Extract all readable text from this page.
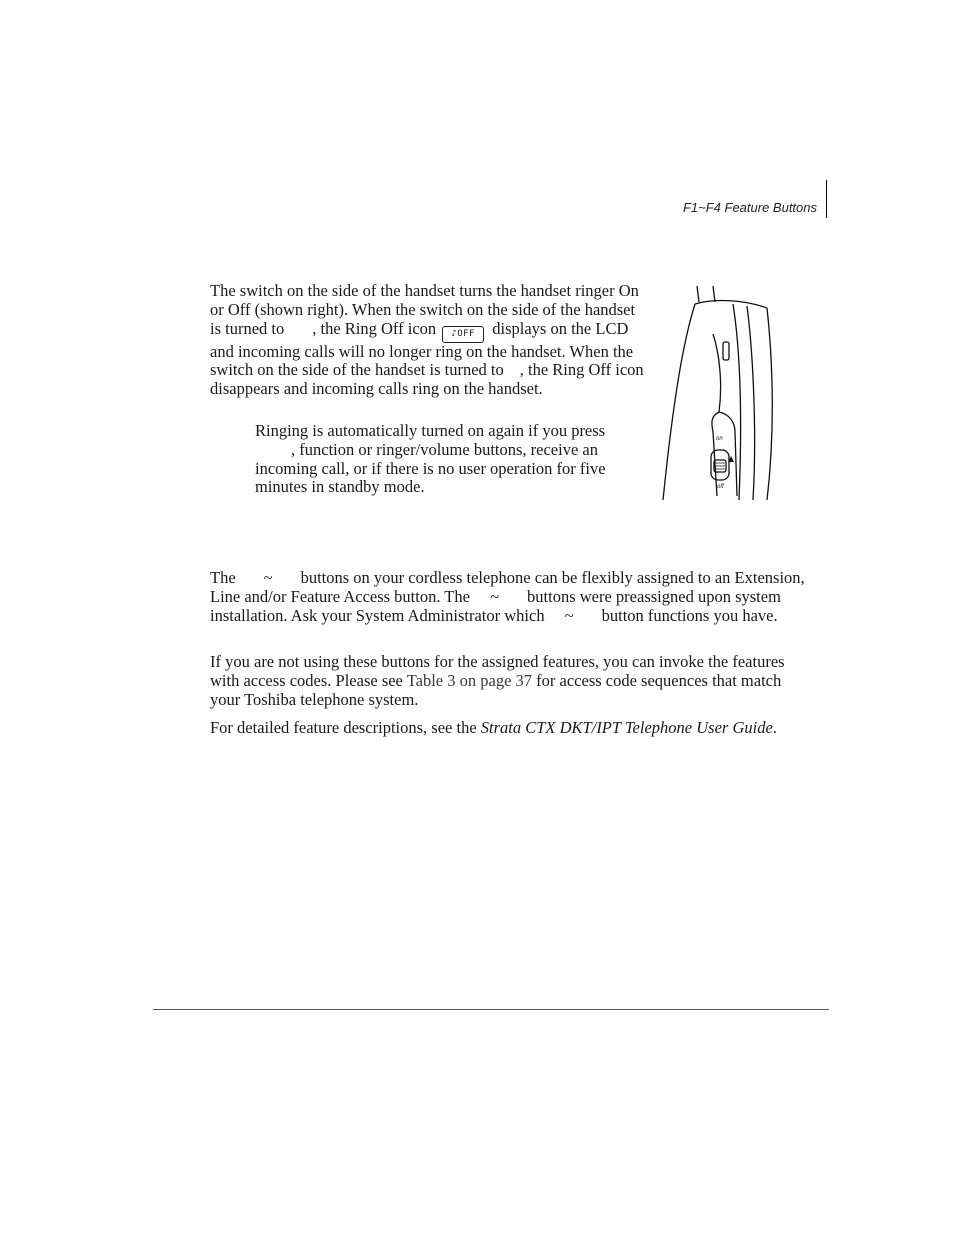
F1~F4 Feature Buttons

The switch on the side of the handset turns the handset ringer On or Off (shown right). When the switch on the side of the handset is turned to , the Ring Off icon ♪OFF displays on the LCD and incoming calls will no longer ring on the handset. When the switch on the side of the handset is turned to , the Ring Off icon disappears and incoming calls ring on the handset.

Ringing is automatically turned on again if you press , function or ringer/volume buttons, receive an incoming call, or if there is no user operation for five minutes in standby mode.

on
off

The ~ buttons on your cordless telephone can be flexibly assigned to an Extension, Line and/or Feature Access button. The ~ buttons were preassigned upon system installation. Ask your System Administrator which ~ button functions you have.

If you are not using these buttons for the assigned features, you can invoke the features with access codes. Please see Table 3 on page 37 for access code sequences that match your Toshiba telephone system.

For detailed feature descriptions, see the Strata CTX DKT/IPT Telephone User Guide.
